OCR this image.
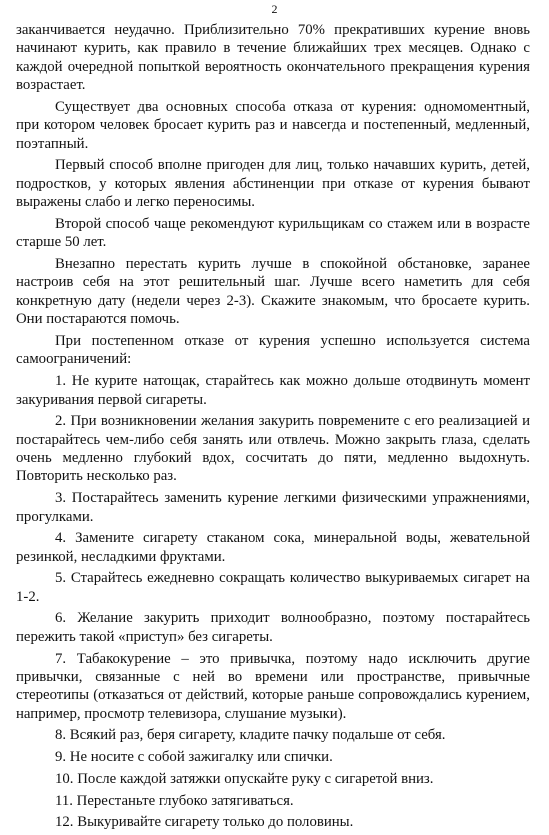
2

заканчивается неудачно. Приблизительно 70% прекративших курение вновь начинают курить, как правило в течение ближайших трех месяцев. Однако с каждой очередной попыткой вероятность окончательного прекращения курения возрастает.

Существует два основных способа отказа от курения: одномоментный, при котором человек бросает курить раз и навсегда и постепенный, медленный, поэтапный.

Первый способ вполне пригоден для лиц, только начавших курить, детей, подростков, у которых явления абстиненции при отказе от курения бывают выражены слабо и легко переносимы.

Второй способ чаще рекомендуют курильщикам со стажем или в возрасте старше 50 лет.

Внезапно перестать курить лучше в спокойной обстановке, заранее настроив себя на этот решительный шаг. Лучше всего наметить для себя конкретную дату (недели через 2-3). Скажите знакомым, что бросаете курить. Они постараются помочь.

При постепенном отказе от курения успешно используется система самоограничений:

1. Не курите натощак, старайтесь как можно дольше отодвинуть момент закуривания первой сигареты.

2. При возникновении желания закурить повремените с его реализацией и постарайтесь чем-либо себя занять или отвлечь. Можно закрыть глаза, сделать очень медленно глубокий вдох, сосчитать до пяти, медленно выдохнуть. Повторить несколько раз.

3. Постарайтесь заменить курение легкими физическими упражнениями, прогулками.

4. Замените сигарету стаканом сока, минеральной воды, жевательной резинкой, несладкими фруктами.

5. Старайтесь ежедневно сокращать количество выкуриваемых сигарет на 1-2.

6. Желание закурить приходит волнообразно, поэтому постарайтесь пережить такой «приступ» без сигареты.

7. Табакокурение – это привычка, поэтому надо исключить другие привычки, связанные с ней во времени или пространстве, привычные стереотипы (отказаться от действий, которые раньше сопровождались курением, например, просмотр телевизора, слушание музыки).

8. Всякий раз, беря сигарету, кладите пачку подальше от себя.

9. Не носите с собой зажигалку или спички.

10. После каждой затяжки опускайте руку с сигаретой вниз.

11. Перестаньте глубоко затягиваться.

12. Выкуривайте сигарету только до половины.
